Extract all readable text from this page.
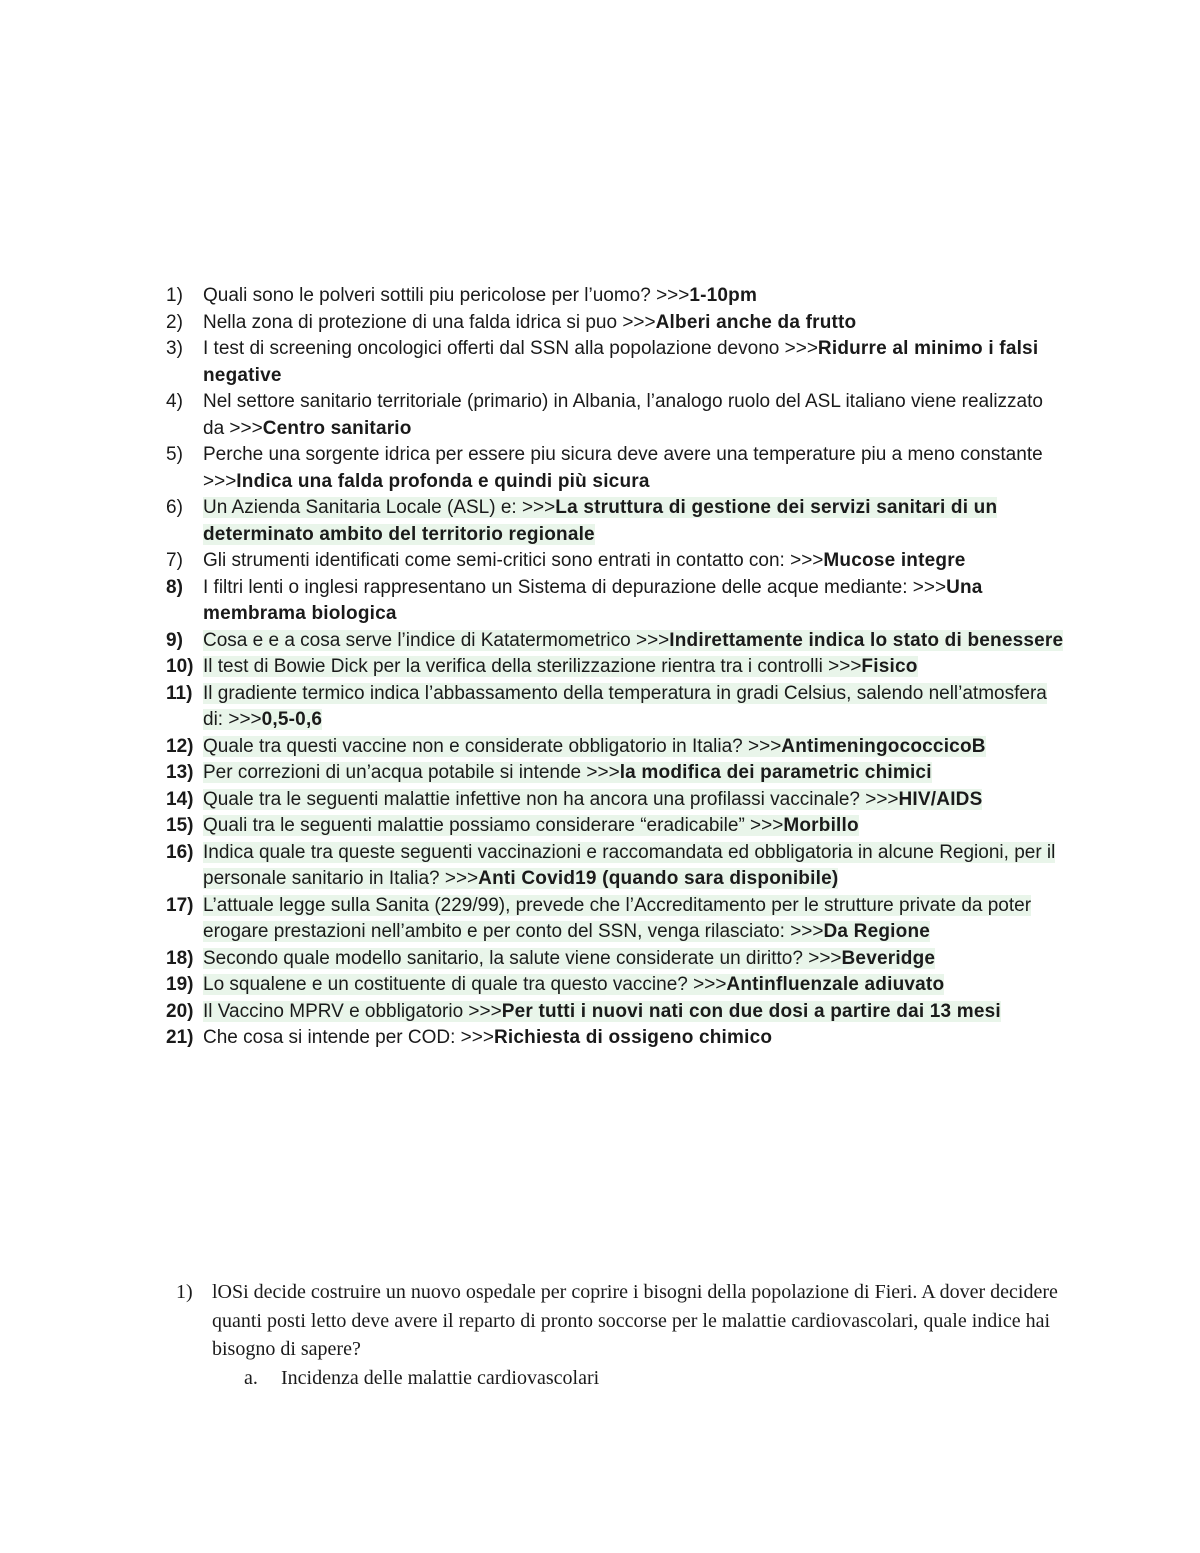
1)	Quali sono le polveri sottili piu pericolose per l’uomo? >>>1-10pm
2)	Nella zona di protezione di una falda idrica si puo >>>Alberi anche da frutto
3)	I test di screening oncologici offerti dal SSN alla popolazione devono >>>Ridurre al minimo i falsi negative
4)	Nel settore sanitario territoriale (primario) in Albania, l’analogo ruolo del ASL italiano viene realizzato da >>>Centro sanitario
5)	Perche una sorgente idrica per essere piu sicura deve avere una temperature piu a meno constante >>>Indica una falda profonda e quindi più sicura
6)	Un Azienda Sanitaria Locale (ASL) e: >>>La struttura di gestione dei servizi sanitari di un determinato ambito del territorio regionale
7)	Gli strumenti identificati come semi-critici sono entrati in contatto con: >>>Mucose integre
8)	I filtri lenti o inglesi rappresentano un Sistema di depurazione delle acque mediante: >>>Una membrama biologica
9)	Cosa e e a cosa serve l’indice di Katatermometrico >>>Indirettamente indica lo stato di benessere
10) Il test di Bowie Dick per la verifica della sterilizzazione rientra tra i controlli >>>Fisico
11) Il gradiente termico indica l’abbassamento della temperatura in gradi Celsius, salendo nell’atmosfera di: >>>0,5-0,6
12) Quale tra questi vaccine non e considerate obbligatorio in Italia? >>>AntimeningococcicoB
13) Per correzioni di un’acqua potabile si intende >>>la modifica dei parametric chimici
14) Quale tra le seguenti malattie infettive non ha ancora una profilassi vaccinale? >>>HIV/AIDS
15) Quali tra le seguenti malattie possiamo considerare “eradicabile” >>>Morbillo
16) Indica quale tra queste seguenti vaccinazioni e raccomandata ed obbligatoria in alcune Regioni, per il personale sanitario in Italia? >>>Anti Covid19 (quando sara disponibile)
17) L’attuale legge sulla Sanita (229/99), prevede che l’Accreditamento per le strutture private da poter erogare prestazioni nell’ambito e per conto del SSN, venga rilasciato: >>>Da Regione
18) Secondo quale modello sanitario, la salute viene considerate un diritto? >>>Beveridge
19) Lo squalene e un costituente di quale tra questo vaccine? >>>Antinfluenzale adiuvato
20) Il Vaccino MPRV e obbligatorio >>>Per tutti i nuovi nati con due dosi a partire dai 13 mesi
21) Che cosa si intende per COD: >>>Richiesta di ossigeno chimico
1) lOSi decide costruire un nuovo ospedale per coprire i bisogni della popolazione di Fieri. A dover decidere quanti posti letto deve avere il reparto di pronto soccorse per le malattie cardiovascolari, quale indice hai bisogno di sapere?
a.	Incidenza delle malattie cardiovascolari
